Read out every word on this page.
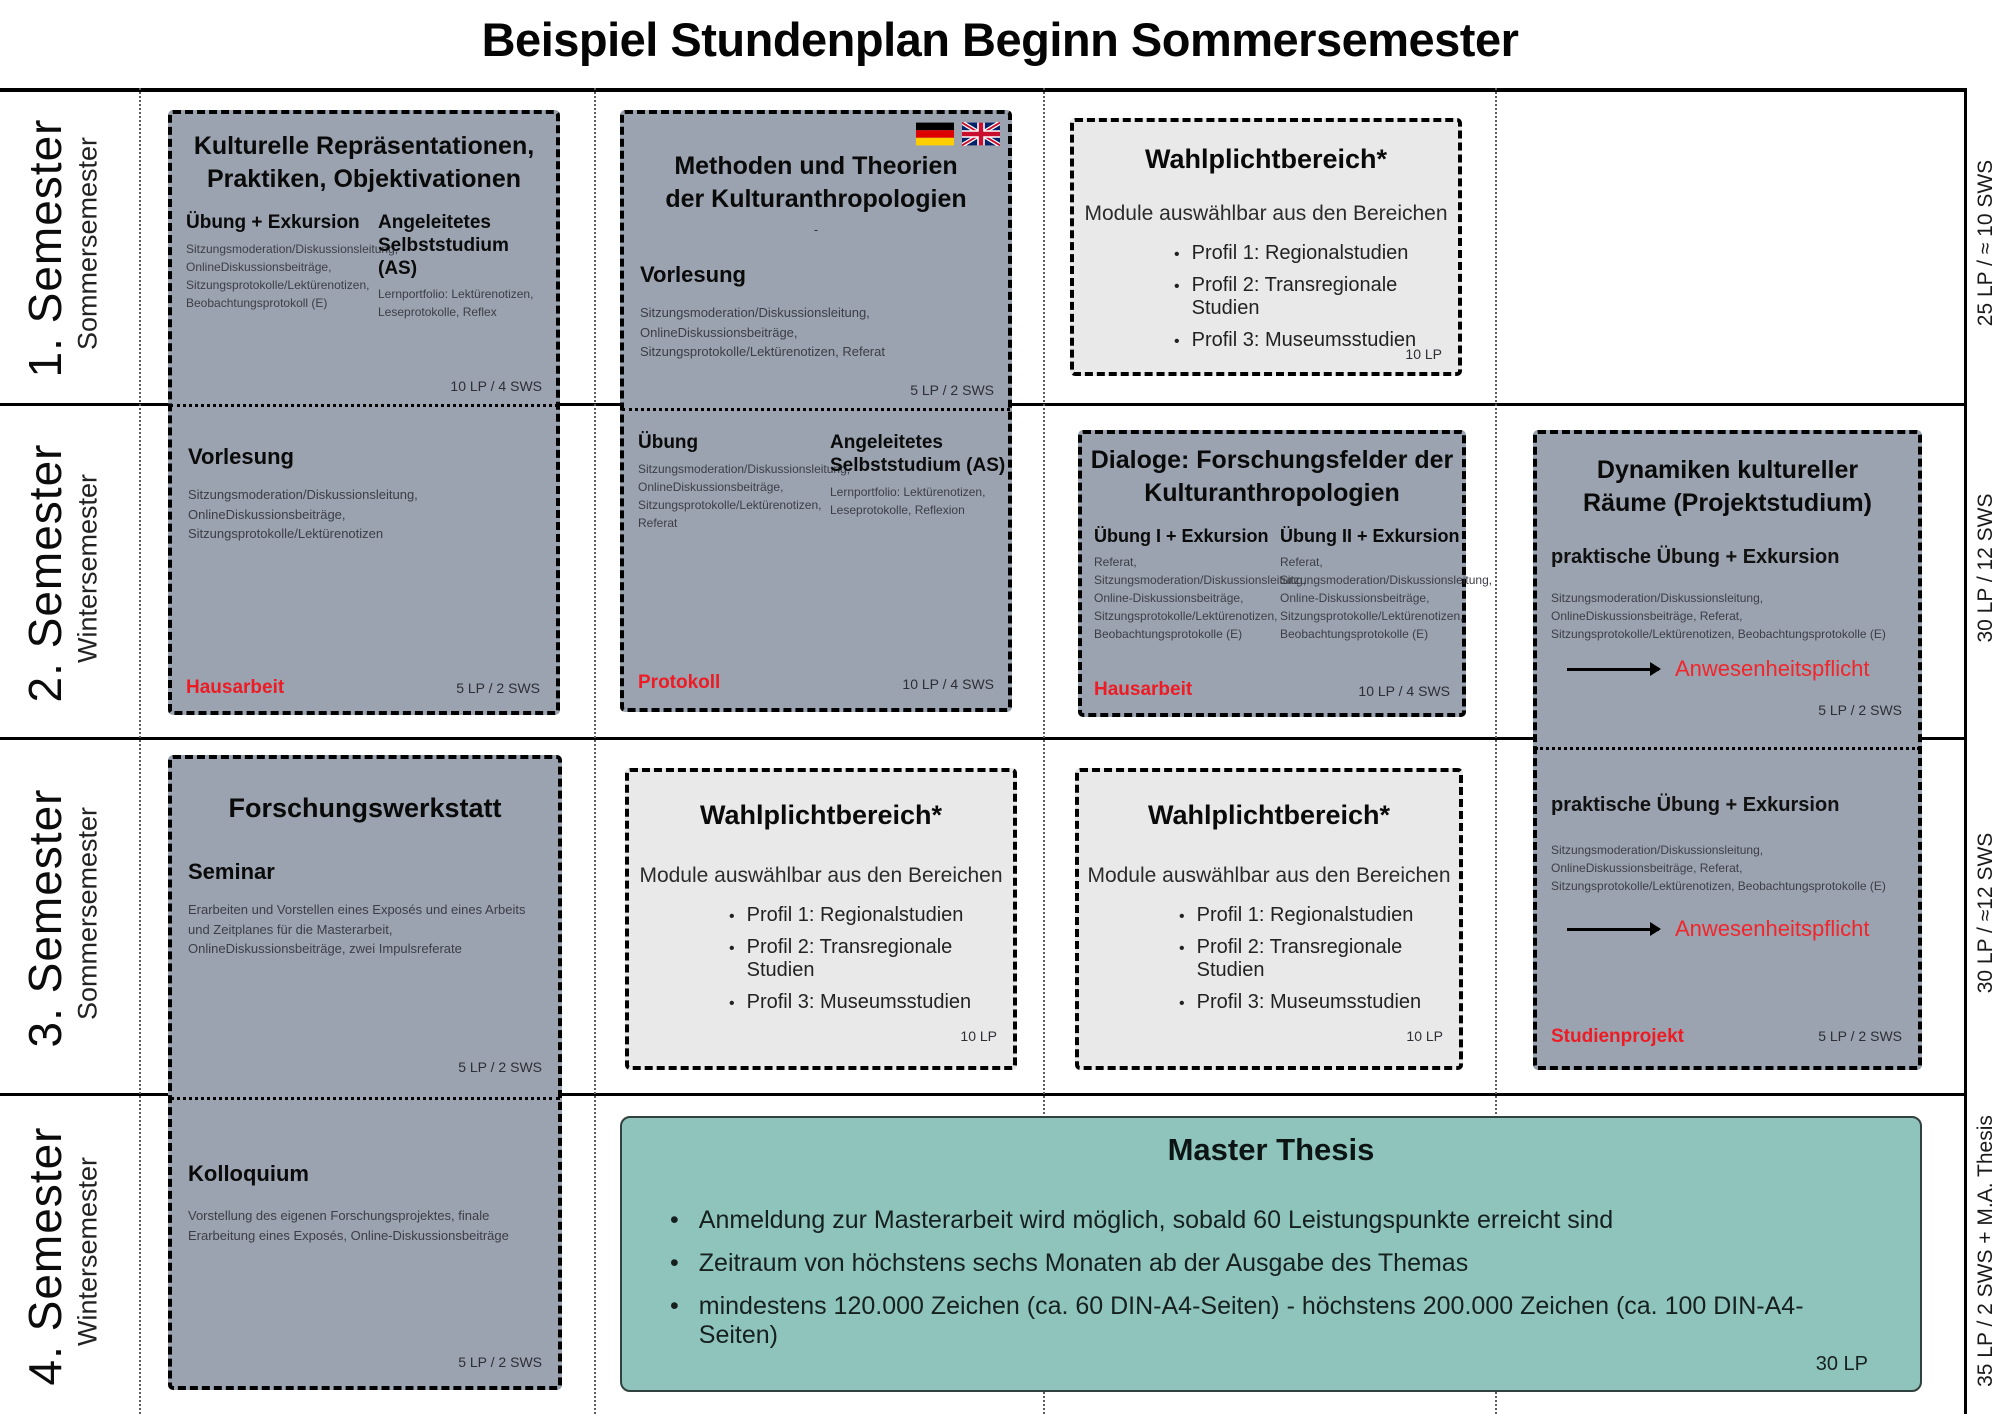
Beispiel Stundenplan Beginn Sommersemester
1. Semester Sommersemester
2. Semester Wintersemester
3. Semester Sommersemester
4. Semester Wintersemester
25 LP / ≈ 10 SWS
30 LP / 12 SWS
30 LP / ≈12 SWS
35 LP / 2 SWS + M.A. Thesis
Kulturelle Repräsentationen,
Praktiken, Objektivationen
Übung + Exkursion
Sitzungsmoderation/Diskussionsleitung, OnlineDiskussionsbeiträge, Sitzungsprotokolle/Lektürenotizen, Beobachtungsprotokoll (E)
Angeleitetes Selbststudium (AS)
Lernportfolio: Lektürenotizen, Leseprotokolle, Reflex
10 LP / 4 SWS
Vorlesung
Sitzungsmoderation/Diskussionsleitung, OnlineDiskussionsbeiträge, Sitzungsprotokolle/Lektürenotizen
Hausarbeit	5 LP / 2 SWS
Methoden und Theorien
der Kulturanthropologien
-
Vorlesung
Sitzungsmoderation/Diskussionsleitung, OnlineDiskussionsbeiträge, Sitzungsprotokolle/Lektürenotizen, Referat
5 LP / 2 SWS
Übung
Sitzungsmoderation/Diskussionsleitung, OnlineDiskussionsbeiträge, Sitzungsprotokolle/Lektürenotizen, Referat
Angeleitetes Selbststudium (AS)
Lernportfolio: Lektürenotizen, Leseprotokolle, Reflexion
Protokoll	10 LP / 4 SWS
Wahlplichtbereich*
Module auswählbar aus den Bereichen
• Profil 1: Regionalstudien
• Profil 2: Transregionale Studien
• Profil 3: Museumsstudien
10 LP
Dialoge: Forschungsfelder der
Kulturanthropologien
Übung I + Exkursion
Referat, Sitzungsmoderation/Diskussionsleitung, Online-Diskussionsbeiträge, Sitzungsprotokolle/Lektürenotizen, Beobachtungsprotokolle (E)
Übung II + Exkursion
Referat, Sitzungsmoderation/Diskussionsleitung, Online-Diskussionsbeiträge, Sitzungsprotokolle/Lektürenotizen, Beobachtungsprotokolle (E)
Hausarbeit	10 LP / 4 SWS
Dynamiken kultureller
Räume (Projektstudium)
praktische Übung + Exkursion
Sitzungsmoderation/Diskussionsleitung, OnlineDiskussionsbeiträge, Referat, Sitzungsprotokolle/Lektürenotizen, Beobachtungsprotokolle (E)
Anwesenheitspflicht
5 LP / 2 SWS
praktische Übung + Exkursion
Sitzungsmoderation/Diskussionsleitung, OnlineDiskussionsbeiträge, Referat, Sitzungsprotokolle/Lektürenotizen, Beobachtungsprotokolle (E)
Anwesenheitspflicht
Studienprojekt	5 LP / 2 SWS
Forschungswerkstatt
Seminar
Erarbeiten und Vorstellen eines Exposés und eines Arbeits und Zeitplanes für die Masterarbeit, OnlineDiskussionsbeiträge, zwei Impulsreferate
5 LP / 2 SWS
Kolloquium
Vorstellung des eigenen Forschungsprojektes, finale Erarbeitung eines Exposés, Online-Diskussionsbeiträge
5 LP / 2 SWS
Wahlplichtbereich*
Module auswählbar aus den Bereichen
• Profil 1: Regionalstudien
• Profil 2: Transregionale Studien
• Profil 3: Museumsstudien
10 LP
Wahlplichtbereich*
Module auswählbar aus den Bereichen
• Profil 1: Regionalstudien
• Profil 2: Transregionale Studien
• Profil 3: Museumsstudien
10 LP
Master Thesis
• Anmeldung zur Masterarbeit wird möglich, sobald 60 Leistungspunkte erreicht sind
• Zeitraum von höchstens sechs Monaten ab der Ausgabe des Themas
• mindestens 120.000 Zeichen (ca. 60 DIN-A4-Seiten) - höchstens 200.000 Zeichen (ca. 100 DIN-A4-Seiten)
30 LP
